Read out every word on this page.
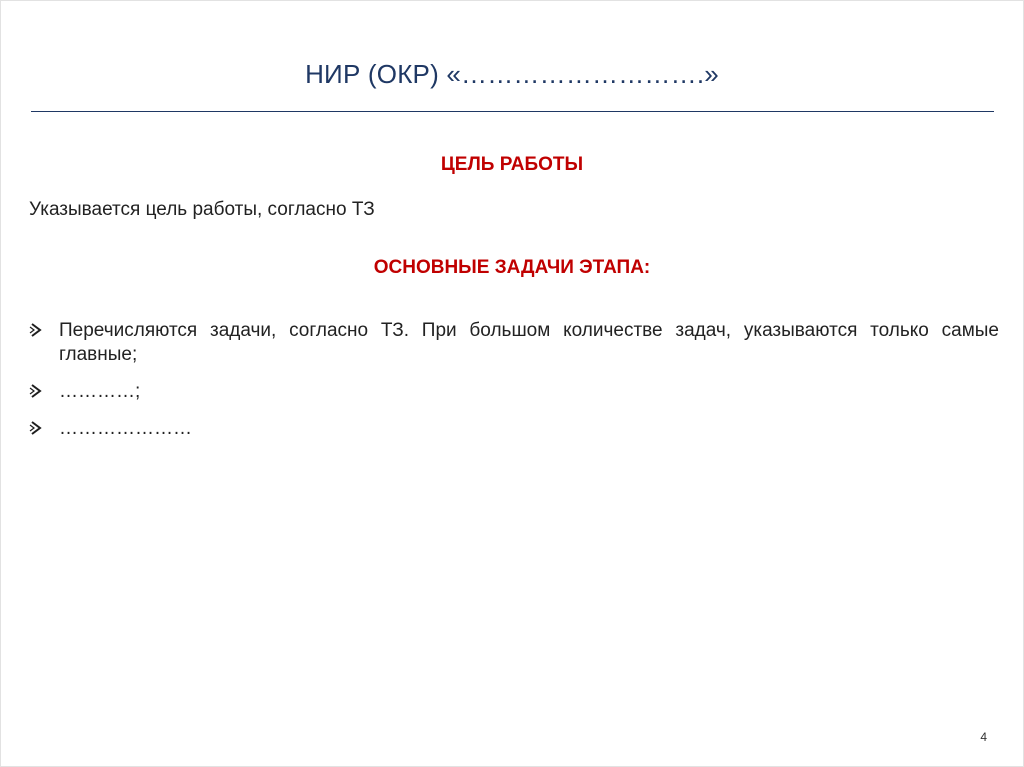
НИР (ОКР) «……………………….»
ЦЕЛЬ РАБОТЫ
Указывается цель работы, согласно ТЗ
ОСНОВНЫЕ ЗАДАЧИ ЭТАПА:
Перечисляются задачи, согласно ТЗ. При большом количестве задач, указываются только самые главные;
…………;
…………………
4
